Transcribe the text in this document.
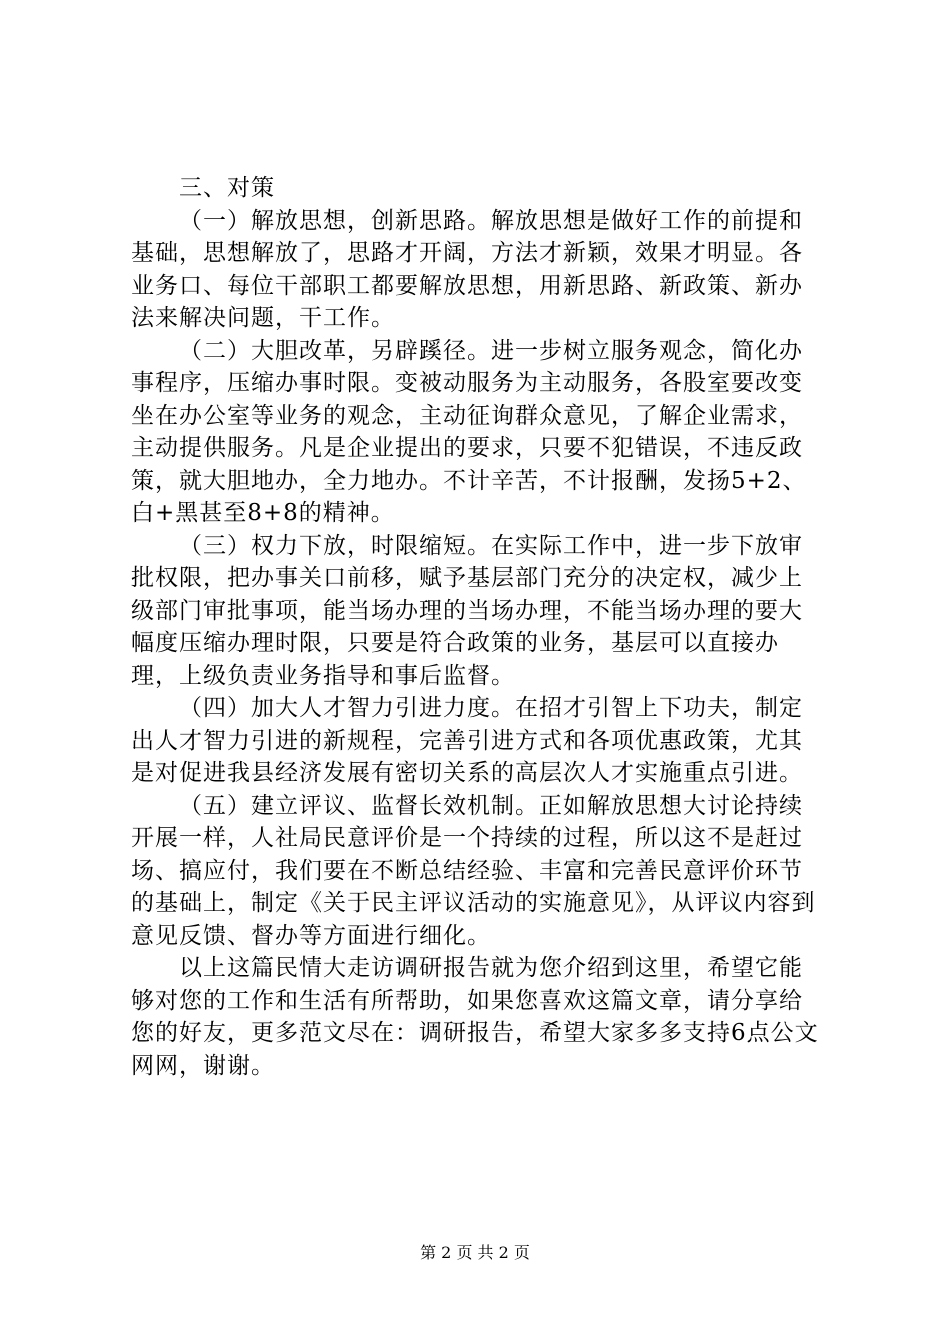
三、对策

（一）解放思想，创新思路。解放思想是做好工作的前提和基础，思想解放了，思路才开阔，方法才新颖，效果才明显。各业务口、每位干部职工都要解放思想，用新思路、新政策、新办法来解决问题，干工作。

（二）大胆改革，另辟蹊径。进一步树立服务观念，简化办事程序，压缩办事时限。变被动服务为主动服务，各股室要改变坐在办公室等业务的观念，主动征询群众意见，了解企业需求，主动提供服务。凡是企业提出的要求，只要不犯错误，不违反政策，就大胆地办，全力地办。不计辛苦，不计报酬，发扬5+2、白+黑甚至8+8的精神。

（三）权力下放，时限缩短。在实际工作中，进一步下放审批权限，把办事关口前移，赋予基层部门充分的决定权，减少上级部门审批事项，能当场办理的当场办理，不能当场办理的要大幅度压缩办理时限，只要是符合政策的业务，基层可以直接办理，上级负责业务指导和事后监督。

（四）加大人才智力引进力度。在招才引智上下功夫，制定出人才智力引进的新规程，完善引进方式和各项优惠政策，尤其是对促进我县经济发展有密切关系的高层次人才实施重点引进。

（五）建立评议、监督长效机制。正如解放思想大讨论持续开展一样，人社局民意评价是一个持续的过程，所以这不是赶过场、搞应付，我们要在不断总结经验、丰富和完善民意评价环节的基础上，制定《关于民主评议活动的实施意见》，从评议内容到意见反馈、督办等方面进行细化。

以上这篇民情大走访调研报告就为您介绍到这里，希望它能够对您的工作和生活有所帮助，如果您喜欢这篇文章，请分享给您的好友，更多范文尽在：调研报告，希望大家多多支持6点公文网网，谢谢。

第 2 页 共 2 页
